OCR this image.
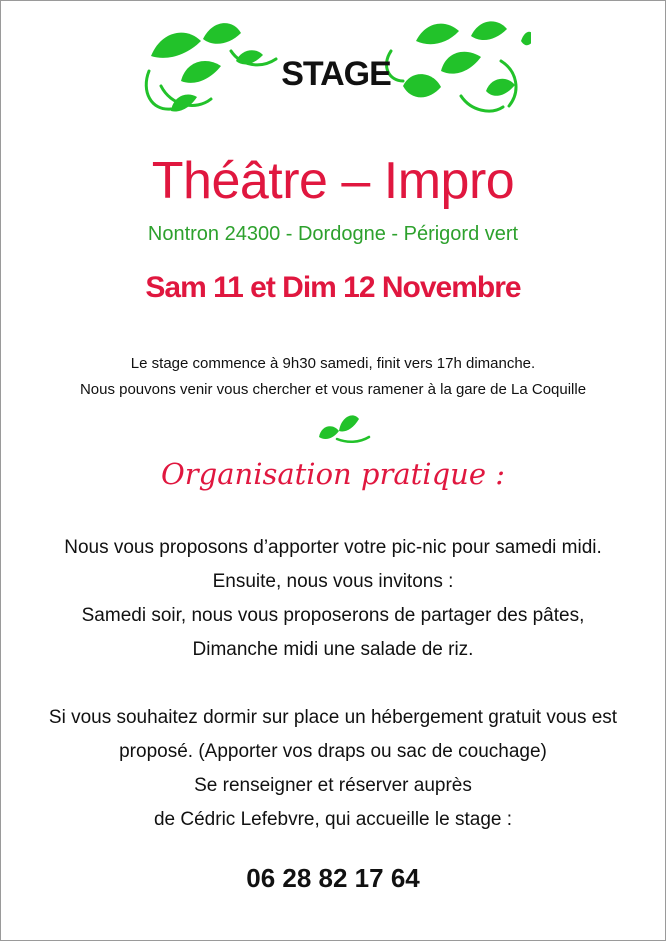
STAGE
Théâtre – Impro
Nontron 24300 - Dordogne - Périgord vert
Sam 11 et Dim 12 Novembre
Le stage commence à 9h30 samedi, finit vers 17h dimanche.
Nous pouvons venir vous chercher et vous ramener à la gare de La Coquille
Organisation pratique :
Nous vous proposons d’apporter votre pic-nic pour samedi midi.
Ensuite, nous vous invitons :
Samedi soir, nous vous proposerons de partager des pâtes,
Dimanche midi une salade de riz.
Si vous souhaitez dormir sur place un hébergement gratuit vous est
proposé. (Apporter vos draps ou sac de couchage)
Se renseigner et réserver auprès
de Cédric Lefebvre, qui accueille le stage :
06 28 82 17 64
